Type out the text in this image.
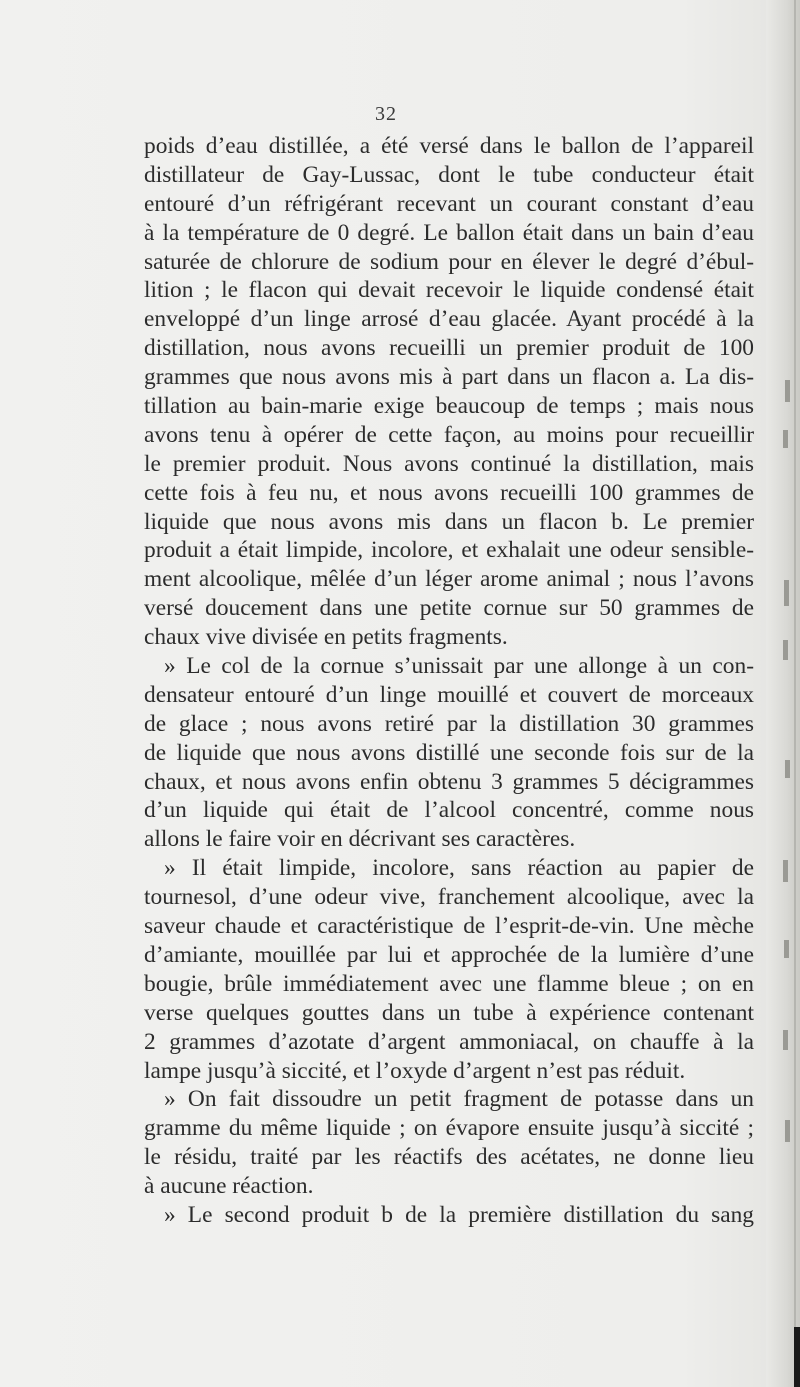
32
poids d’eau distillée, a été versé dans le ballon de l’appareil
distillateur de Gay-Lussac, dont le tube conducteur était
entouré d’un réfrigérant recevant un courant constant d’eau
à la température de 0 degré. Le ballon était dans un bain d’eau
saturée de chlorure de sodium pour en élever le degré d’ébul-
lition ; le flacon qui devait recevoir le liquide condensé était
enveloppé d’un linge arrosé d’eau glacée. Ayant procédé à la
distillation, nous avons recueilli un premier produit de 100
grammes que nous avons mis à part dans un flacon a. La dis-
tillation au bain-marie exige beaucoup de temps ; mais nous
avons tenu à opérer de cette façon, au moins pour recueillir
le premier produit. Nous avons continué la distillation, mais
cette fois à feu nu, et nous avons recueilli 100 grammes de
liquide que nous avons mis dans un flacon b. Le premier
produit a était limpide, incolore, et exhalait une odeur sensible-
ment alcoolique, mêlée d’un léger arome animal ; nous l’avons
versé doucement dans une petite cornue sur 50 grammes de
chaux vive divisée en petits fragments.
» Le col de la cornue s’unissait par une allonge à un con-
densateur entouré d’un linge mouillé et couvert de morceaux
de glace ; nous avons retiré par la distillation 30 grammes
de liquide que nous avons distillé une seconde fois sur de la
chaux, et nous avons enfin obtenu 3 grammes 5 décigrammes
d’un liquide qui était de l’alcool concentré, comme nous
allons le faire voir en décrivant ses caractères.
» Il était limpide, incolore, sans réaction au papier de
tournesol, d’une odeur vive, franchement alcoolique, avec la
saveur chaude et caractéristique de l’esprit-de-vin. Une mèche
d’amiante, mouillée par lui et approchée de la lumière d’une
bougie, brûle immédiatement avec une flamme bleue ; on en
verse quelques gouttes dans un tube à expérience contenant
2 grammes d’azotate d’argent ammoniacal, on chauffe à la
lampe jusqu’à siccité, et l’oxyde d’argent n’est pas réduit.
» On fait dissoudre un petit fragment de potasse dans un
gramme du même liquide ; on évapore ensuite jusqu’à siccité ;
le résidu, traité par les réactifs des acétates, ne donne lieu
à aucune réaction.
» Le second produit b de la première distillation du sang
